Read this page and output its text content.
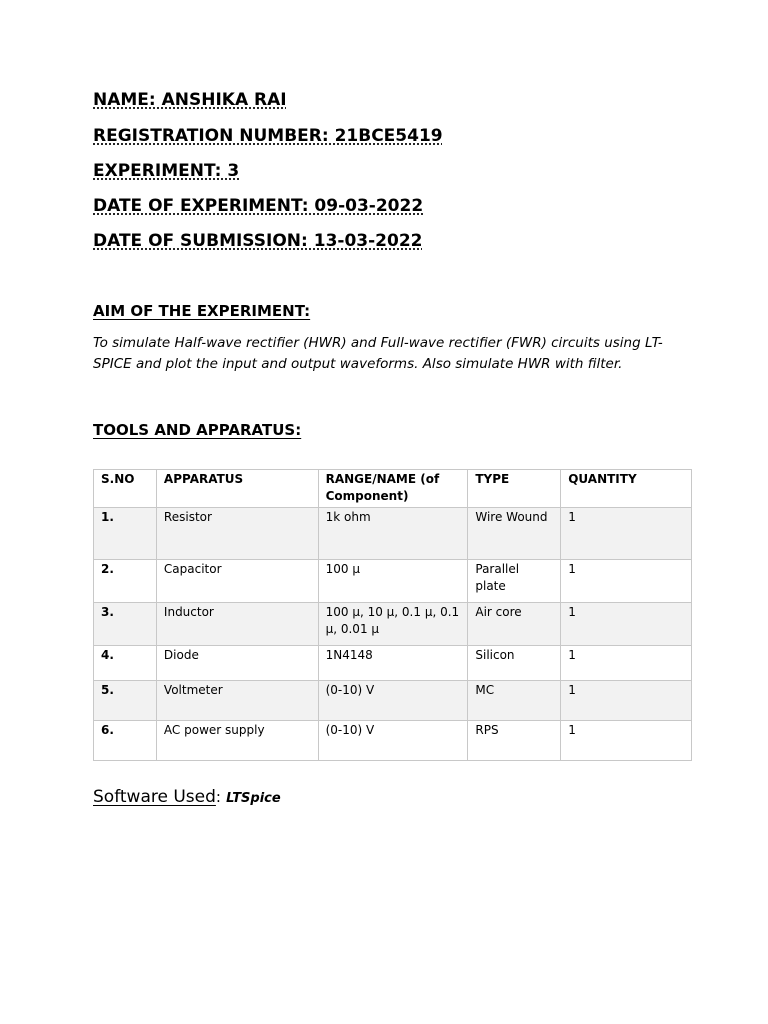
NAME: ANSHIKA RAI
REGISTRATION NUMBER: 21BCE5419
EXPERIMENT: 3
DATE OF EXPERIMENT: 09-03-2022
DATE OF SUBMISSION: 13-03-2022
AIM OF THE EXPERIMENT:
To simulate Half-wave rectifier (HWR) and Full-wave rectifier (FWR) circuits using LT-SPICE and plot the input and output waveforms. Also simulate HWR with filter.
TOOLS AND APPARATUS:
S.NO	APPARATUS	RANGE/NAME (of Component)	TYPE	QUANTITY
1.	Resistor	1k ohm	Wire Wound	1
2.	Capacitor	100 μ	Parallel plate	1
3.	Inductor	100 μ, 10 μ, 0.1 μ, 0.1 μ, 0.01 μ	Air core	1
4.	Diode	1N4148	Silicon	1
5.	Voltmeter	(0-10) V	MC	1
6.	AC power supply	(0-10) V	RPS	1
Software Used: LTSpice
